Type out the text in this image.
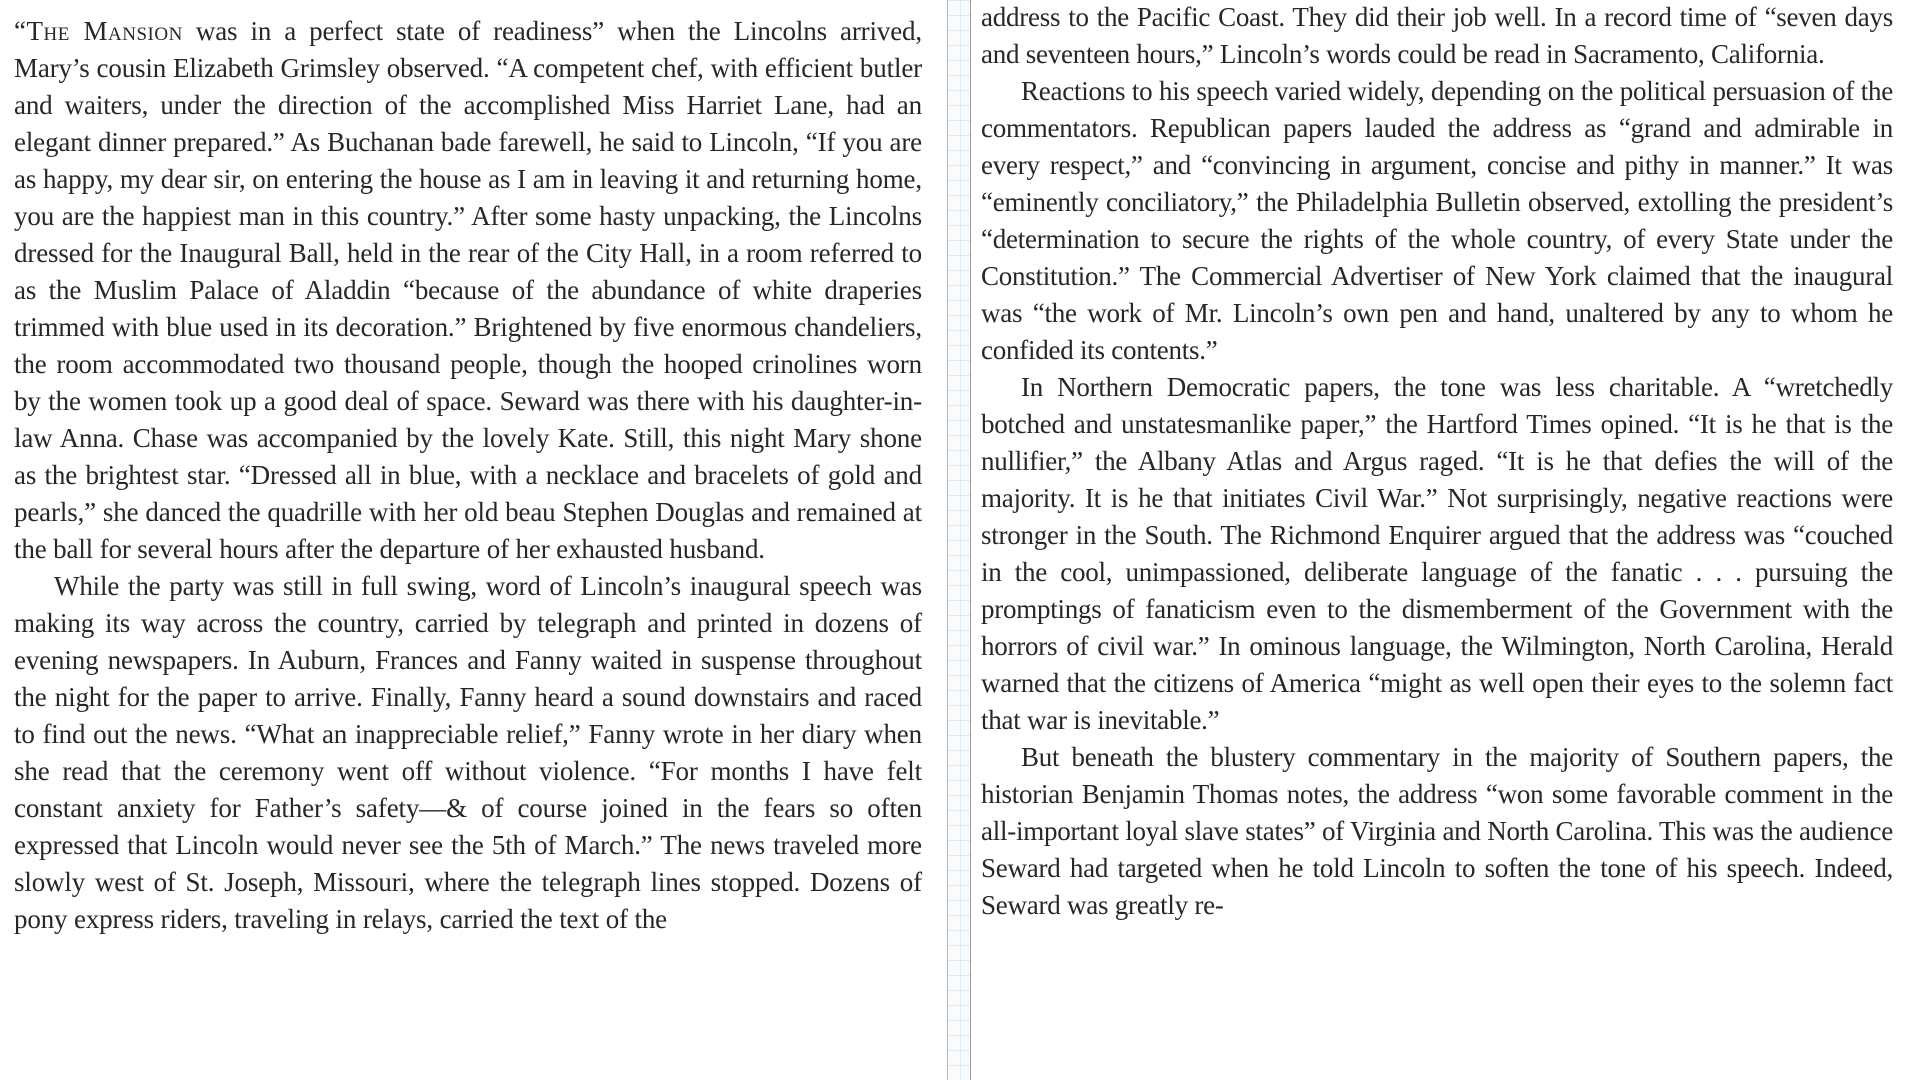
“The Mansion was in a perfect state of readiness” when the Lincolns arrived, Mary’s cousin Elizabeth Grimsley observed. “A competent chef, with efficient butler and waiters, under the direction of the accomplished Miss Harriet Lane, had an elegant dinner prepared.” As Buchanan bade farewell, he said to Lincoln, “If you are as happy, my dear sir, on entering the house as I am in leaving it and returning home, you are the happiest man in this country.” After some hasty unpacking, the Lincolns dressed for the Inaugural Ball, held in the rear of the City Hall, in a room referred to as the Muslim Palace of Aladdin “because of the abundance of white draperies trimmed with blue used in its decoration.” Brightened by five enormous chandeliers, the room accommodated two thousand people, though the hooped crinolines worn by the women took up a good deal of space. Seward was there with his daughter-in-law Anna. Chase was accompanied by the lovely Kate. Still, this night Mary shone as the brightest star. “Dressed all in blue, with a necklace and bracelets of gold and pearls,” she danced the quadrille with her old beau Stephen Douglas and remained at the ball for several hours after the departure of her exhausted husband.

While the party was still in full swing, word of Lincoln’s inaugural speech was making its way across the country, carried by telegraph and printed in dozens of evening newspapers. In Auburn, Frances and Fanny waited in suspense throughout the night for the paper to arrive. Finally, Fanny heard a sound downstairs and raced to find out the news. “What an inappreciable relief,” Fanny wrote in her diary when she read that the ceremony went off without violence. “For months I have felt constant anxiety for Father’s safety—& of course joined in the fears so often expressed that Lincoln would never see the 5th of March.” The news traveled more slowly west of St. Joseph, Missouri, where the telegraph lines stopped. Dozens of pony express riders, traveling in relays, carried the text of the

address to the Pacific Coast. They did their job well. In a record time of “seven days and seventeen hours,” Lincoln’s words could be read in Sacramento, California.

Reactions to his speech varied widely, depending on the political persuasion of the commentators. Republican papers lauded the address as “grand and admirable in every respect,” and “convincing in argument, concise and pithy in manner.” It was “eminently conciliatory,” the Philadelphia Bulletin observed, extolling the president’s “determination to secure the rights of the whole country, of every State under the Constitution.” The Commercial Advertiser of New York claimed that the inaugural was “the work of Mr. Lincoln’s own pen and hand, unaltered by any to whom he confided its contents.”

In Northern Democratic papers, the tone was less charitable. A “wretchedly botched and unstatesmanlike paper,” the Hartford Times opined. “It is he that is the nullifier,” the Albany Atlas and Argus raged. “It is he that defies the will of the majority. It is he that initiates Civil War.” Not surprisingly, negative reactions were stronger in the South. The Richmond Enquirer argued that the address was “couched in the cool, unimpassioned, deliberate language of the fanatic . . . pursuing the promptings of fanaticism even to the dismemberment of the Government with the horrors of civil war.” In ominous language, the Wilmington, North Carolina, Herald warned that the citizens of America “might as well open their eyes to the solemn fact that war is inevitable.”

But beneath the blustery commentary in the majority of Southern papers, the historian Benjamin Thomas notes, the address “won some favorable comment in the all-important loyal slave states” of Virginia and North Carolina. This was the audience Seward had targeted when he told Lincoln to soften the tone of his speech. Indeed, Seward was greatly re-
